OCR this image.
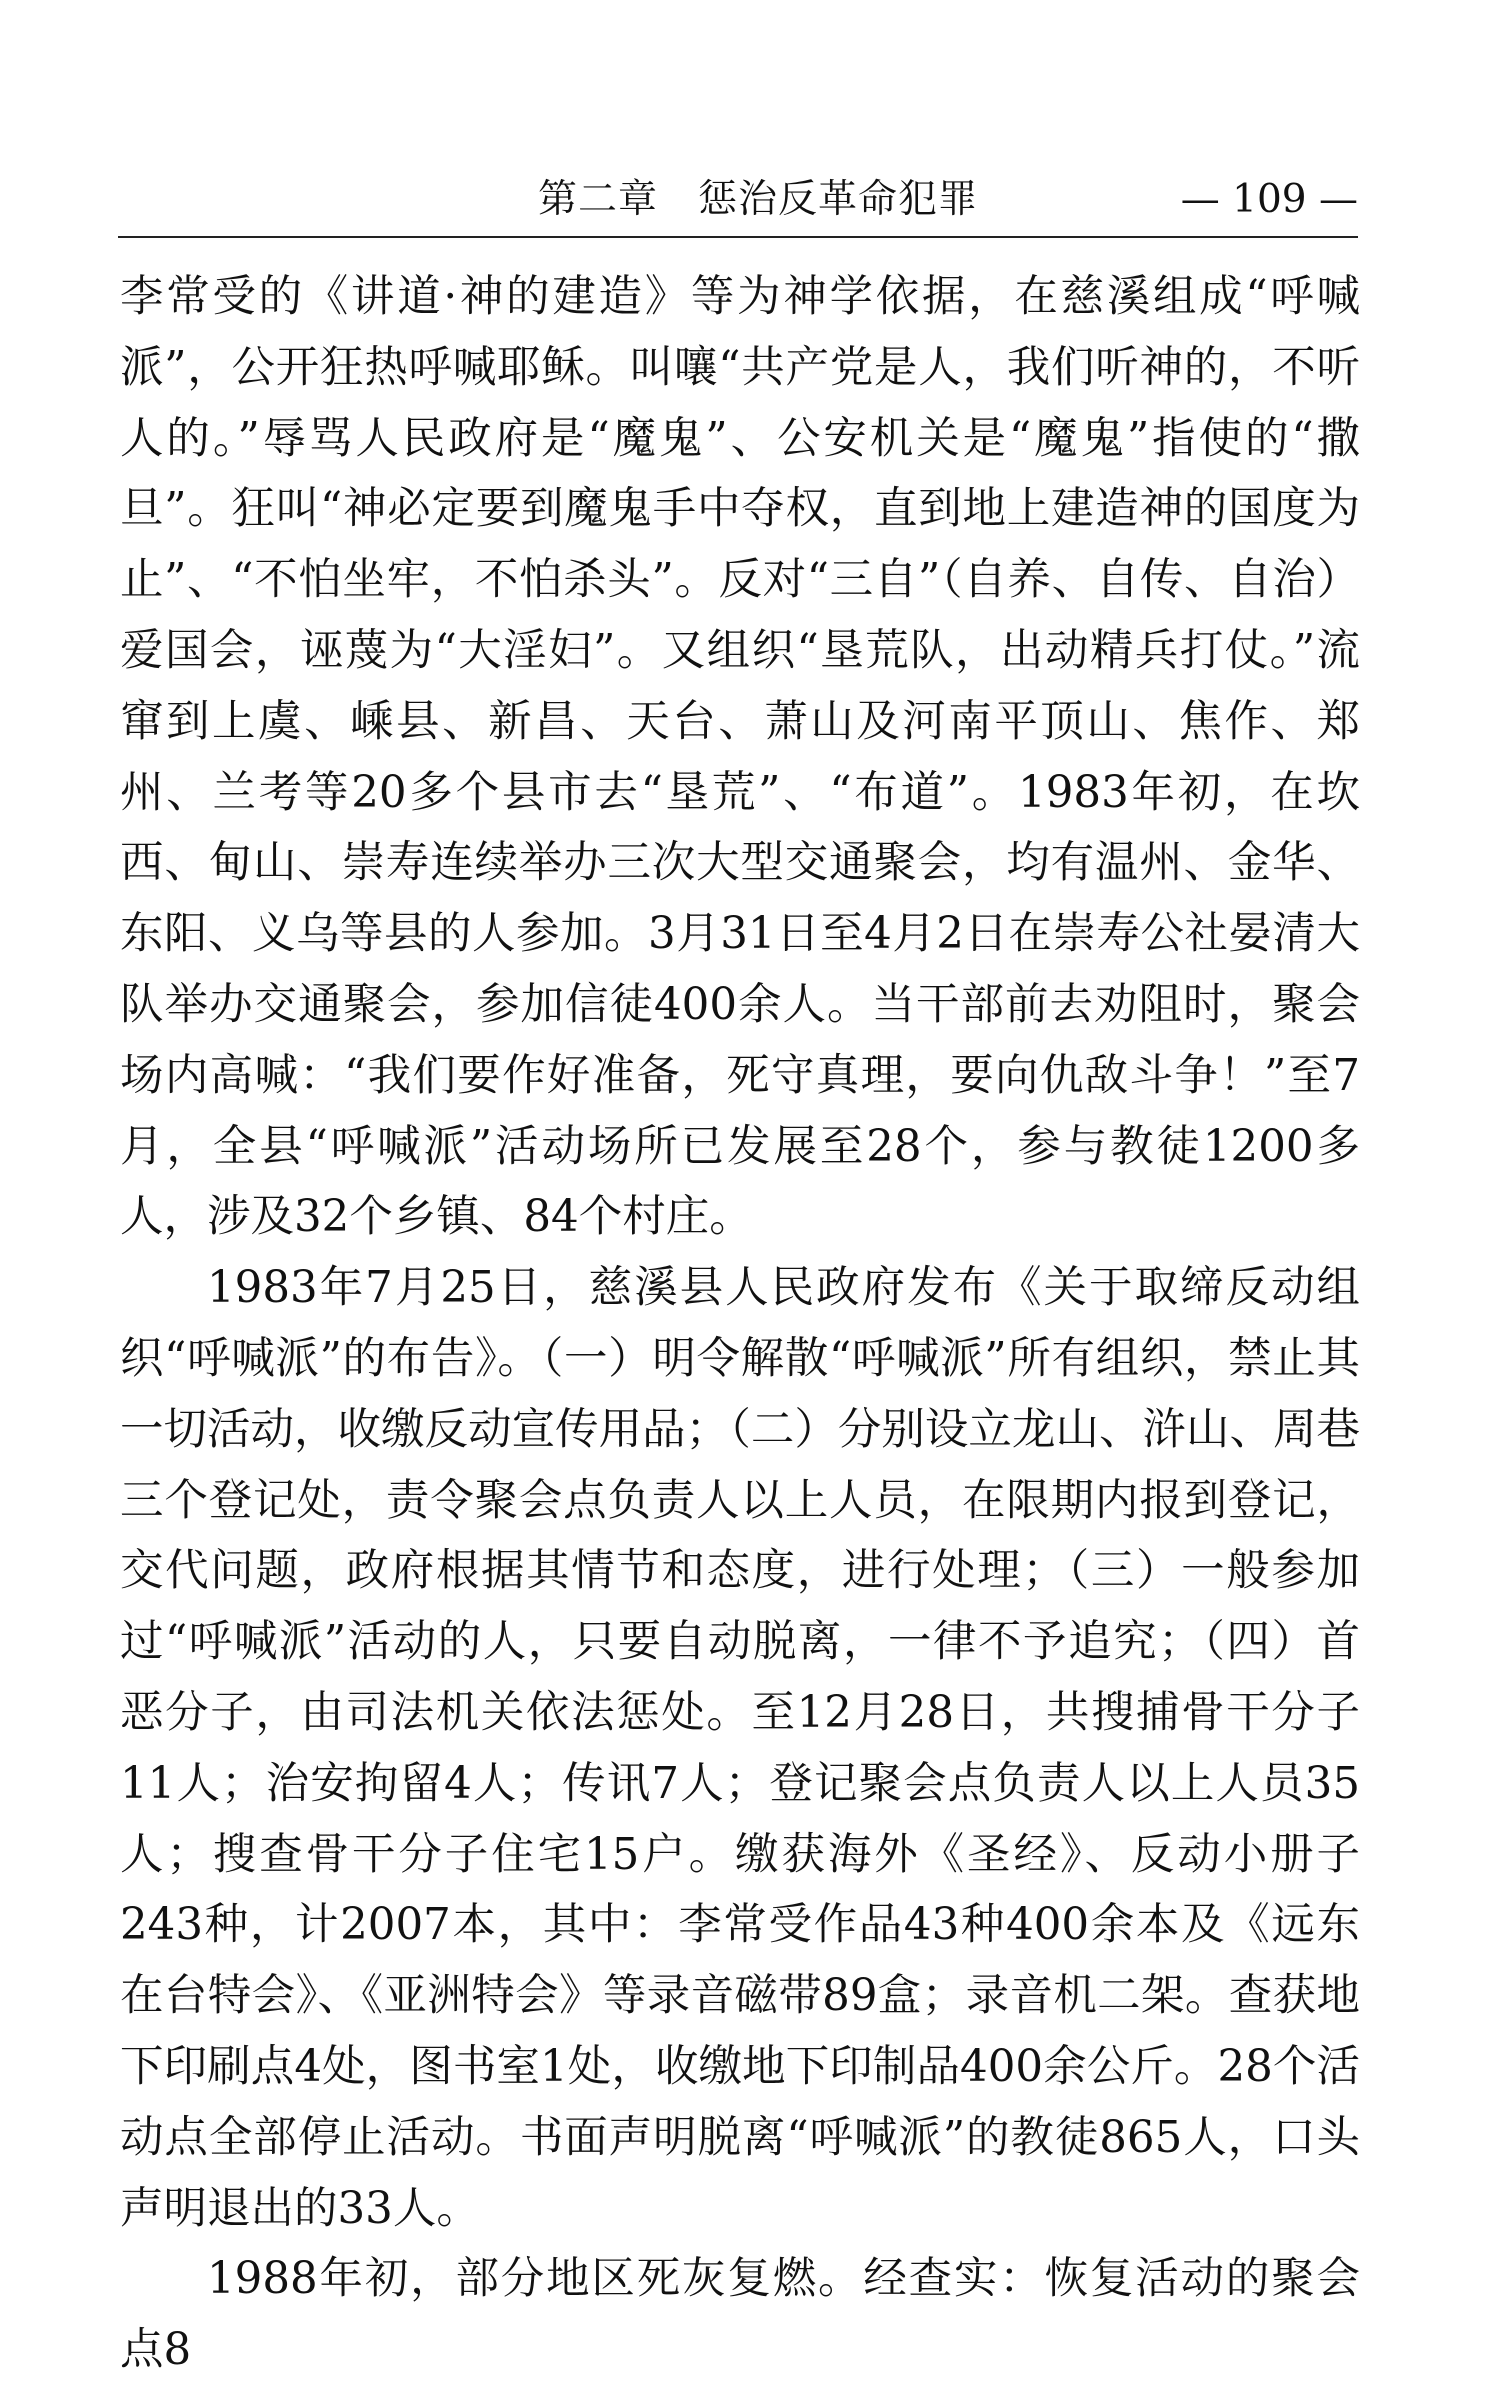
第二章　惩治反革命犯罪	— 109 —

李常受的《讲道·神的建造》等为神学依据，在慈溪组成“呼喊派”，公开狂热呼喊耶稣。叫嚷“共产党是人，我们听神的，不听人的。”辱骂人民政府是“魔鬼”、公安机关是“魔鬼”指使的“撒旦”。狂叫“神必定要到魔鬼手中夺权，直到地上建造神的国度为止”、“不怕坐牢，不怕杀头”。反对“三自”（自养、自传、自治）爱国会，诬蔑为“大淫妇”。又组织“垦荒队，出动精兵打仗。”流窜到上虞、嵊县、新昌、天台、萧山及河南平顶山、焦作、郑州、兰考等20多个县市去“垦荒”、“布道”。1983年初，在坎西、甸山、崇寿连续举办三次大型交通聚会，均有温州、金华、东阳、义乌等县的人参加。3月31日至4月2日在崇寿公社晏清大队举办交通聚会，参加信徒400余人。当干部前去劝阻时，聚会场内高喊：“我们要作好准备，死守真理，要向仇敌斗争！”至7月，全县“呼喊派”活动场所已发展至28个，参与教徒1200多人，涉及32个乡镇、84个村庄。

1983年7月25日，慈溪县人民政府发布《关于取缔反动组织“呼喊派”的布告》。（一）明令解散“呼喊派”所有组织，禁止其一切活动，收缴反动宣传用品；（二）分别设立龙山、浒山、周巷三个登记处，责令聚会点负责人以上人员，在限期内报到登记，交代问题，政府根据其情节和态度，进行处理；（三）一般参加过“呼喊派”活动的人，只要自动脱离，一律不予追究；（四）首恶分子，由司法机关依法惩处。至12月28日，共搜捕骨干分子11人；治安拘留4人；传讯7人；登记聚会点负责人以上人员35人；搜查骨干分子住宅15户。缴获海外《圣经》、反动小册子243种，计2007本，其中：李常受作品43种400余本及《远东在台特会》、《亚洲特会》等录音磁带89盒；录音机二架。查获地下印刷点4处，图书室1处，收缴地下印制品400余公斤。28个活动点全部停止活动。书面声明脱离“呼喊派”的教徒865人，口头声明退出的33人。

1988年初，部分地区死灰复燃。经查实：恢复活动的聚会点8
